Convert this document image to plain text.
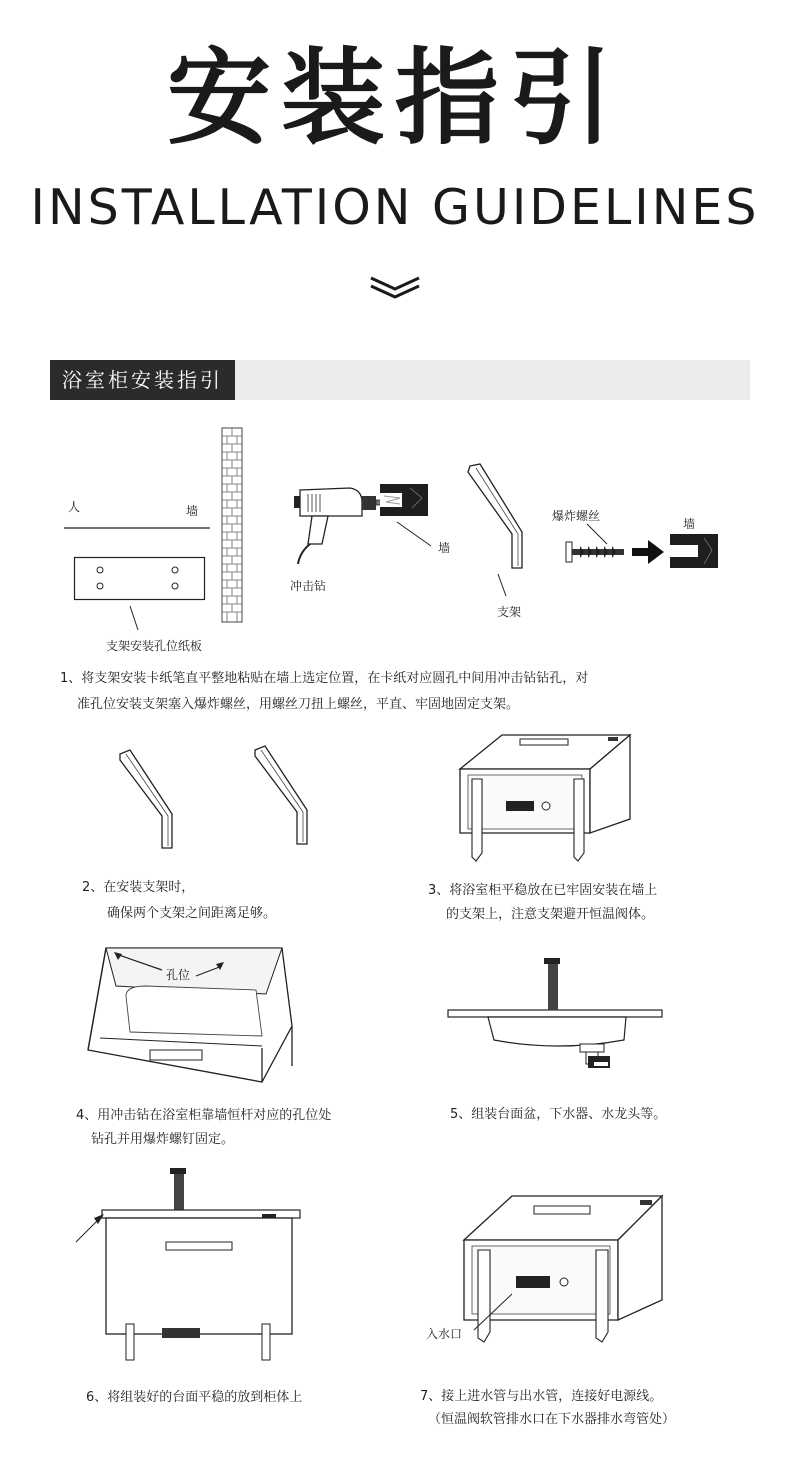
安装指引
INSTALLATION GUIDELINES
浴室柜安装指引
人	墙
支架安装孔位纸板
墙
冲击钻
支架
爆炸螺丝
墙
1、将支架安装卡纸笔直平整地粘贴在墙上选定位置，在卡纸对应圆孔中间用冲击钻钻孔，对
准孔位安装支架塞入爆炸螺丝，用螺丝刀扭上螺丝，平直、牢固地固定支架。
2、在安装支架时，
确保两个支架之间距离足够。
3、将浴室柜平稳放在已牢固安装在墙上
的支架上，注意支架避开恒温阀体。
孔位
4、用冲击钻在浴室柜靠墙恒杆对应的孔位处
钻孔并用爆炸螺钉固定。
5、组装台面盆，下水器、水龙头等。
6、将组装好的台面平稳的放到柜体上
入水口
7、接上进水管与出水管，连接好电源线。
（恒温阀软管排水口在下水器排水弯管处）
